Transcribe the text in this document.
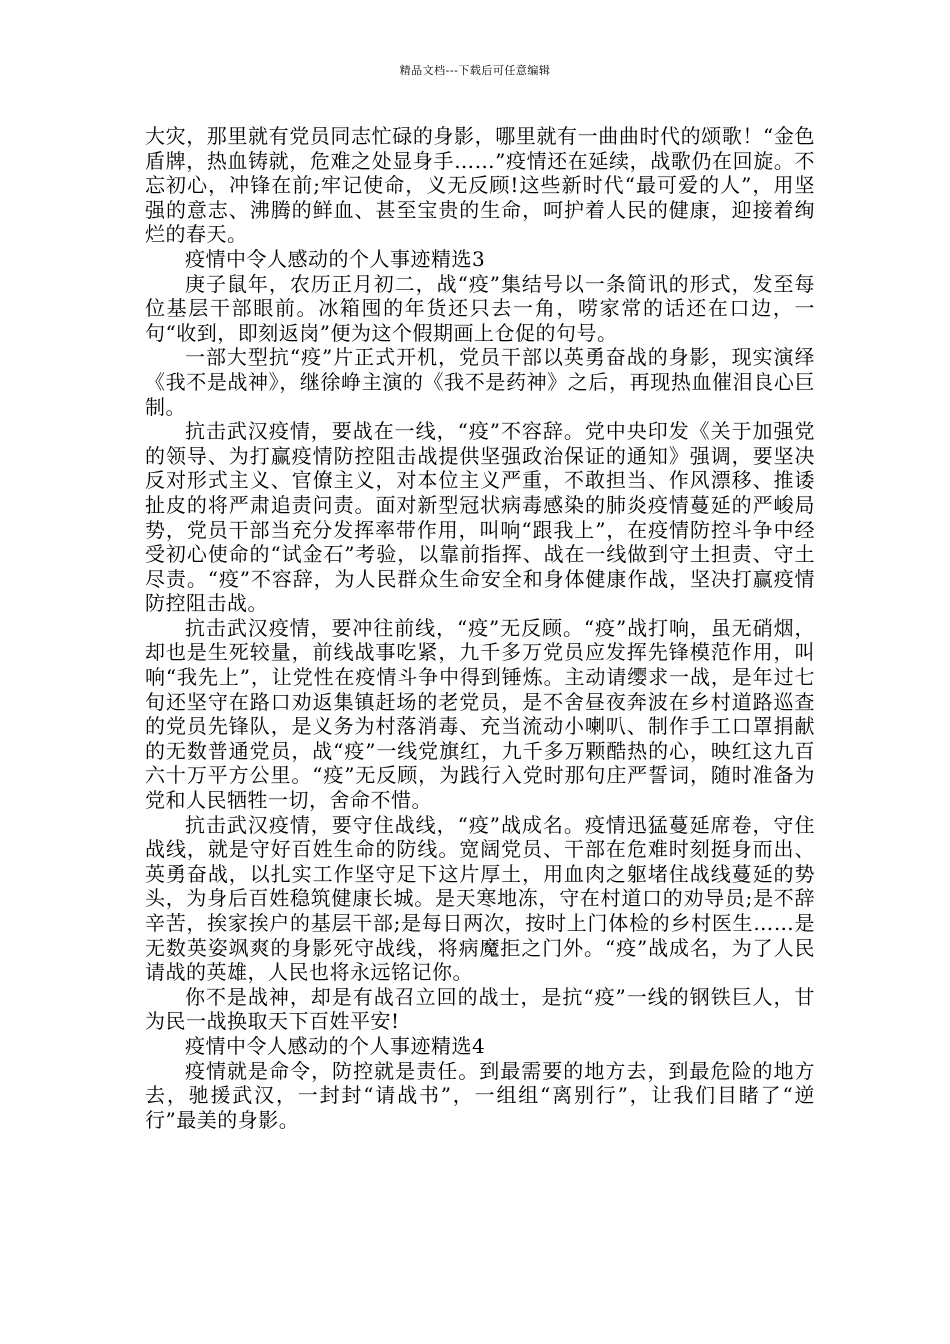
精品文档---下载后可任意编辑

大灾，那里就有党员同志忙碌的身影，哪里就有一曲曲时代的颂歌！“金色盾牌，热血铸就，危难之处显身手……”疫情还在延续，战歌仍在回旋。不忘初心，冲锋在前;牢记使命，义无反顾!这些新时代“最可爱的人”，用坚强的意志、沸腾的鲜血、甚至宝贵的生命，呵护着人民的健康，迎接着绚烂的春天。

疫情中令人感动的个人事迹精选3

庚子鼠年，农历正月初二，战“疫”集结号以一条简讯的形式，发至每位基层干部眼前。冰箱囤的年货还只去一角，唠家常的话还在口边，一句“收到，即刻返岗”便为这个假期画上仓促的句号。

一部大型抗“疫”片正式开机，党员干部以英勇奋战的身影，现实演绎《我不是战神》，继徐峥主演的《我不是药神》之后，再现热血催泪良心巨制。

抗击武汉疫情，要战在一线，“疫”不容辞。党中央印发《关于加强党的领导、为打赢疫情防控阻击战提供坚强政治保证的通知》强调，要坚决反对形式主义、官僚主义，对本位主义严重，不敢担当、作风漂移、推诿扯皮的将严肃追责问责。面对新型冠状病毒感染的肺炎疫情蔓延的严峻局势，党员干部当充分发挥率带作用，叫响“跟我上”，在疫情防控斗争中经受初心使命的“试金石”考验，以靠前指挥、战在一线做到守土担责、守土尽责。“疫”不容辞，为人民群众生命安全和身体健康作战，坚决打赢疫情防控阻击战。

抗击武汉疫情，要冲往前线，“疫”无反顾。“疫”战打响，虽无硝烟，却也是生死较量，前线战事吃紧，九千多万党员应发挥先锋模范作用，叫响“我先上”，让党性在疫情斗争中得到锤炼。主动请缨求一战，是年过七旬还坚守在路口劝返集镇赶场的老党员，是不舍昼夜奔波在乡村道路巡查的党员先锋队，是义务为村落消毒、充当流动小喇叭、制作手工口罩捐献的无数普通党员，战“疫”一线党旗红，九千多万颗酷热的心，映红这九百六十万平方公里。“疫”无反顾，为践行入党时那句庄严誓词，随时准备为党和人民牺牲一切，舍命不惜。

抗击武汉疫情，要守住战线，“疫”战成名。疫情迅猛蔓延席卷，守住战线，就是守好百姓生命的防线。宽阔党员、干部在危难时刻挺身而出、英勇奋战，以扎实工作坚守足下这片厚土，用血肉之躯堵住战线蔓延的势头，为身后百姓稳筑健康长城。是天寒地冻，守在村道口的劝导员;是不辞辛苦，挨家挨户的基层干部;是每日两次，按时上门体检的乡村医生……是无数英姿飒爽的身影死守战线，将病魔拒之门外。“疫”战成名，为了人民请战的英雄，人民也将永远铭记你。

你不是战神，却是有战召立回的战士，是抗“疫”一线的钢铁巨人，甘为民一战换取天下百姓平安!

疫情中令人感动的个人事迹精选4

疫情就是命令，防控就是责任。到最需要的地方去，到最危险的地方去，驰援武汉，一封封“请战书”，一组组“离别行”，让我们目睹了“逆行”最美的身影。
